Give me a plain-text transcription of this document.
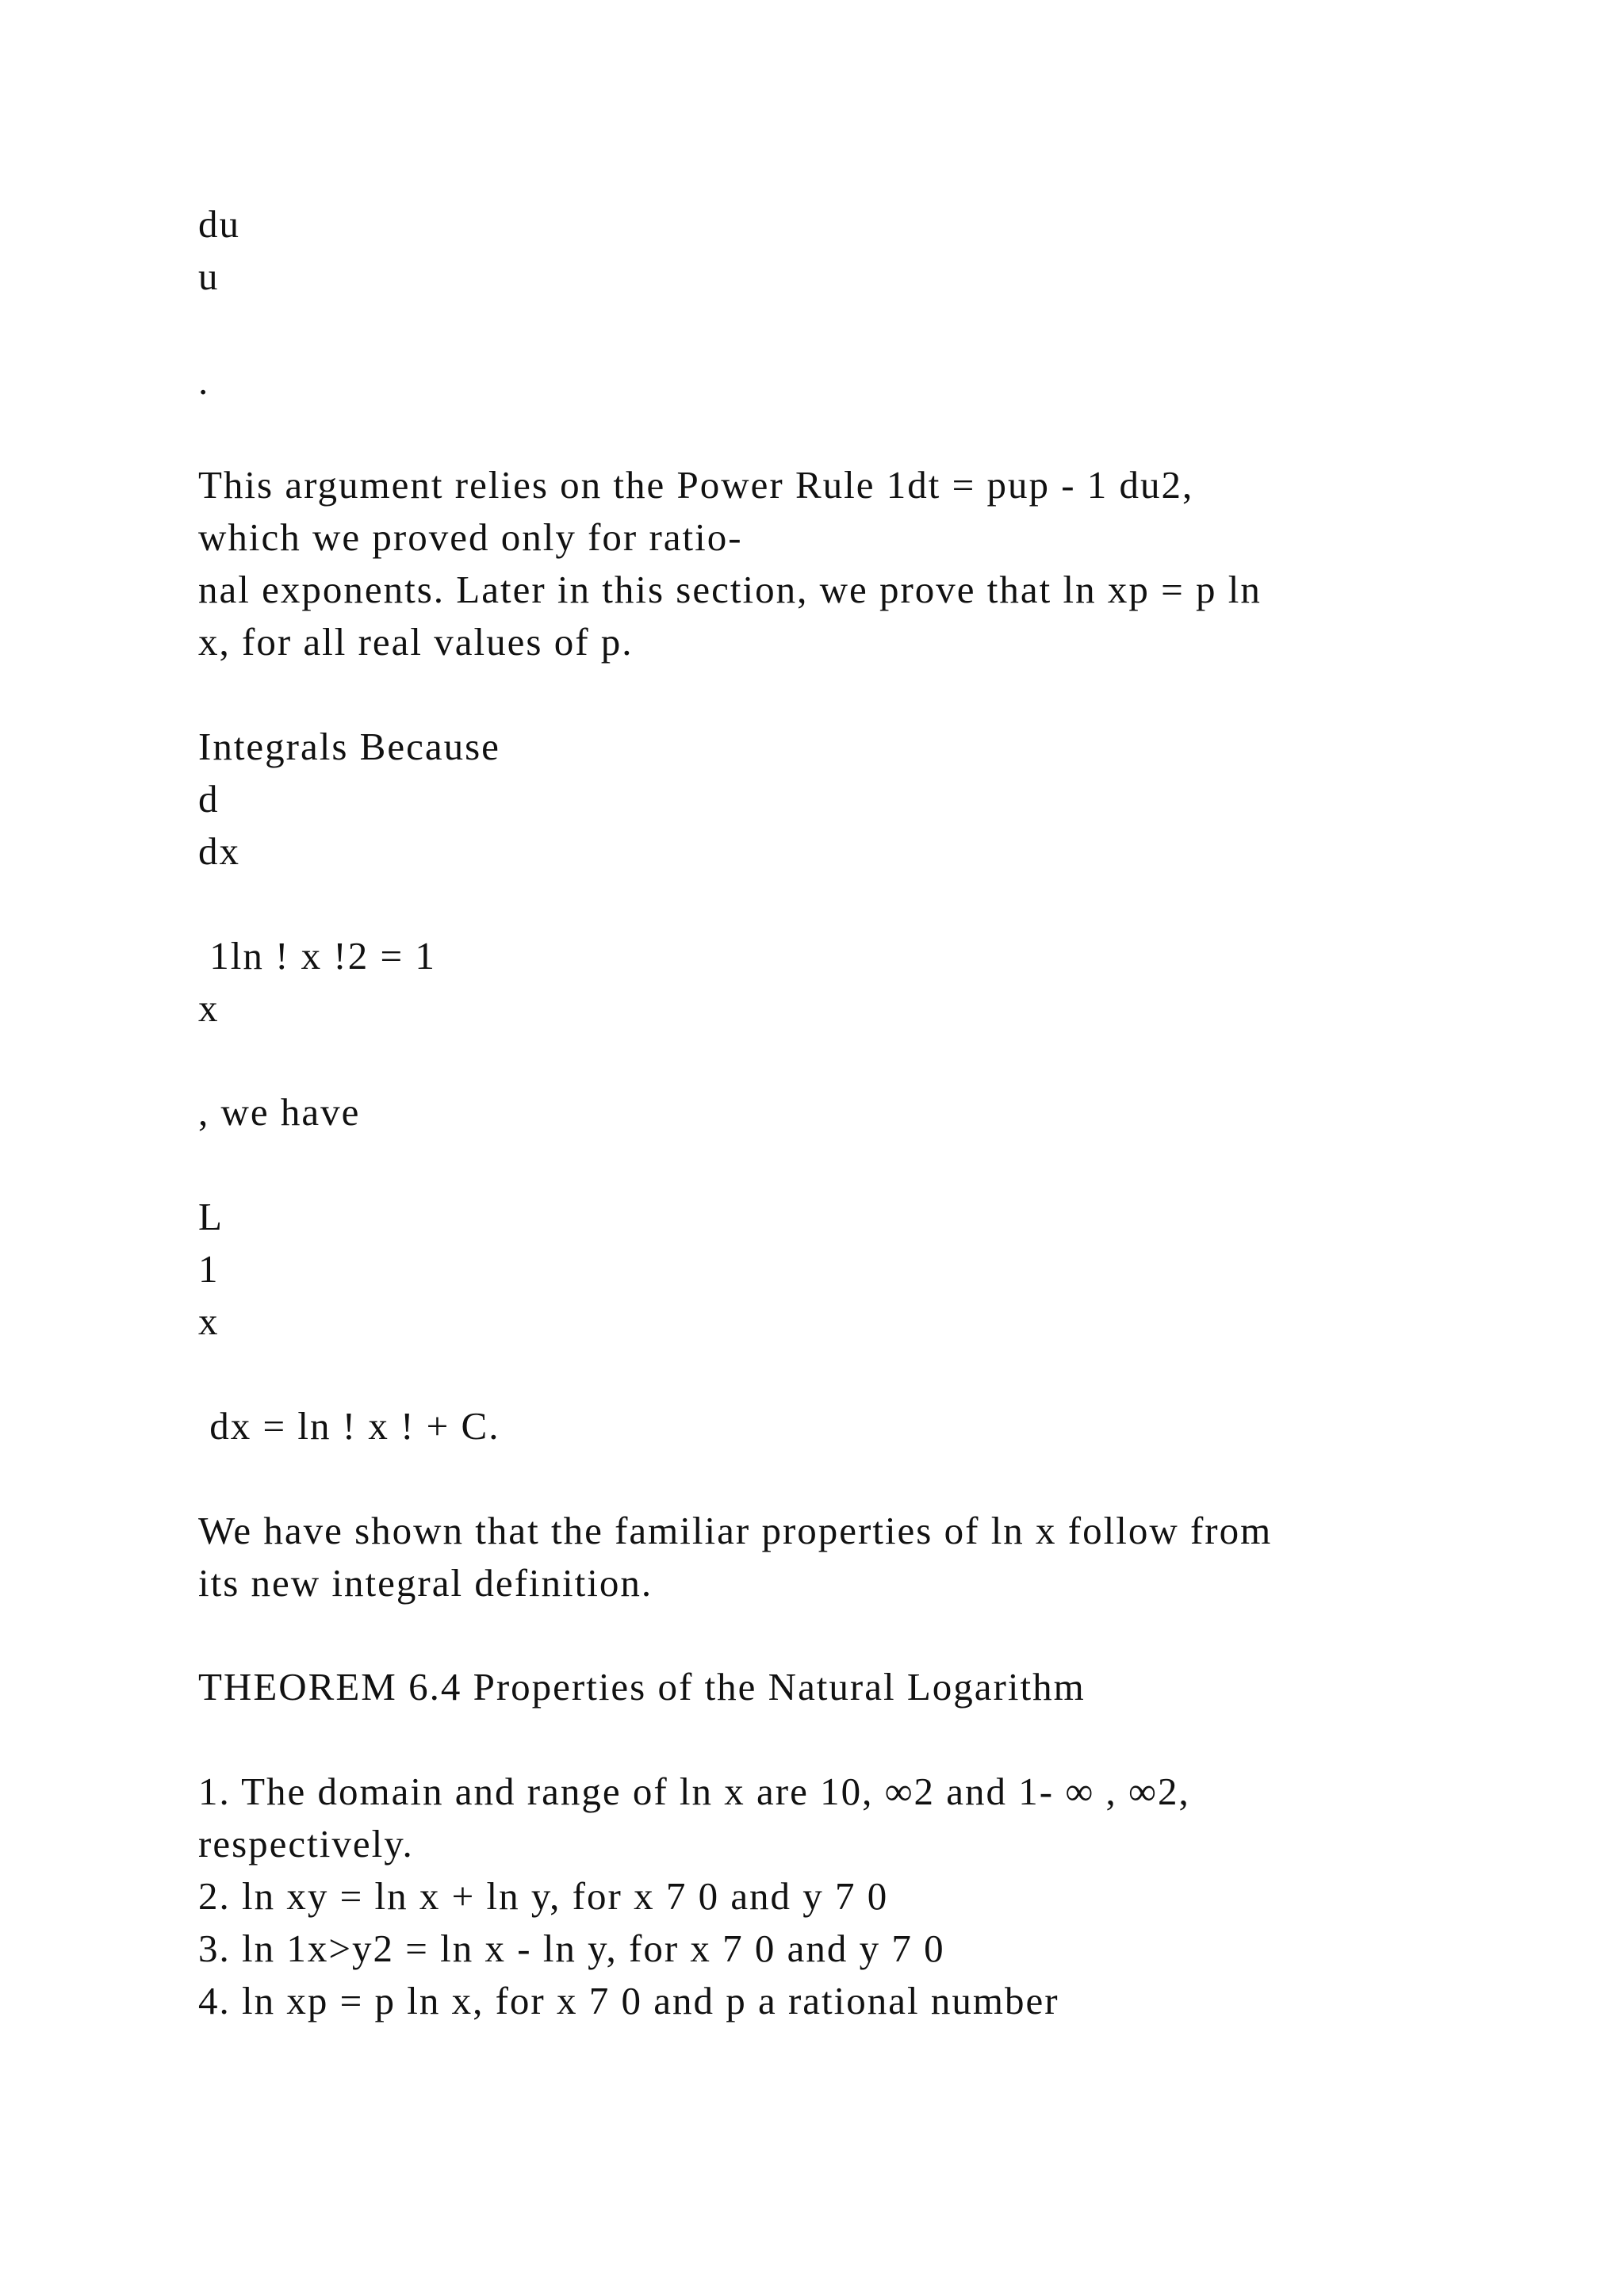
du
u
.
This argument relies on the Power Rule 1dt = pup - 1 du2,
which we proved only for ratio-
nal exponents. Later in this section, we prove that ln xp = p ln
x, for all real values of p.
Integrals Because
d
dx
1ln ! x !2 = 1
x
, we have
L
1
x
dx = ln ! x ! + C.
We have shown that the familiar properties of ln x follow from
its new integral definition.
THEOREM 6.4 Properties of the Natural Logarithm
1. The domain and range of ln x are 10, ∞2 and 1- ∞ , ∞2,
respectively.
2. ln xy = ln x + ln y, for x 7 0 and y 7 0
3. ln 1x>y2 = ln x - ln y, for x 7 0 and y 7 0
4. ln xp = p ln x, for x 7 0 and p a rational number
